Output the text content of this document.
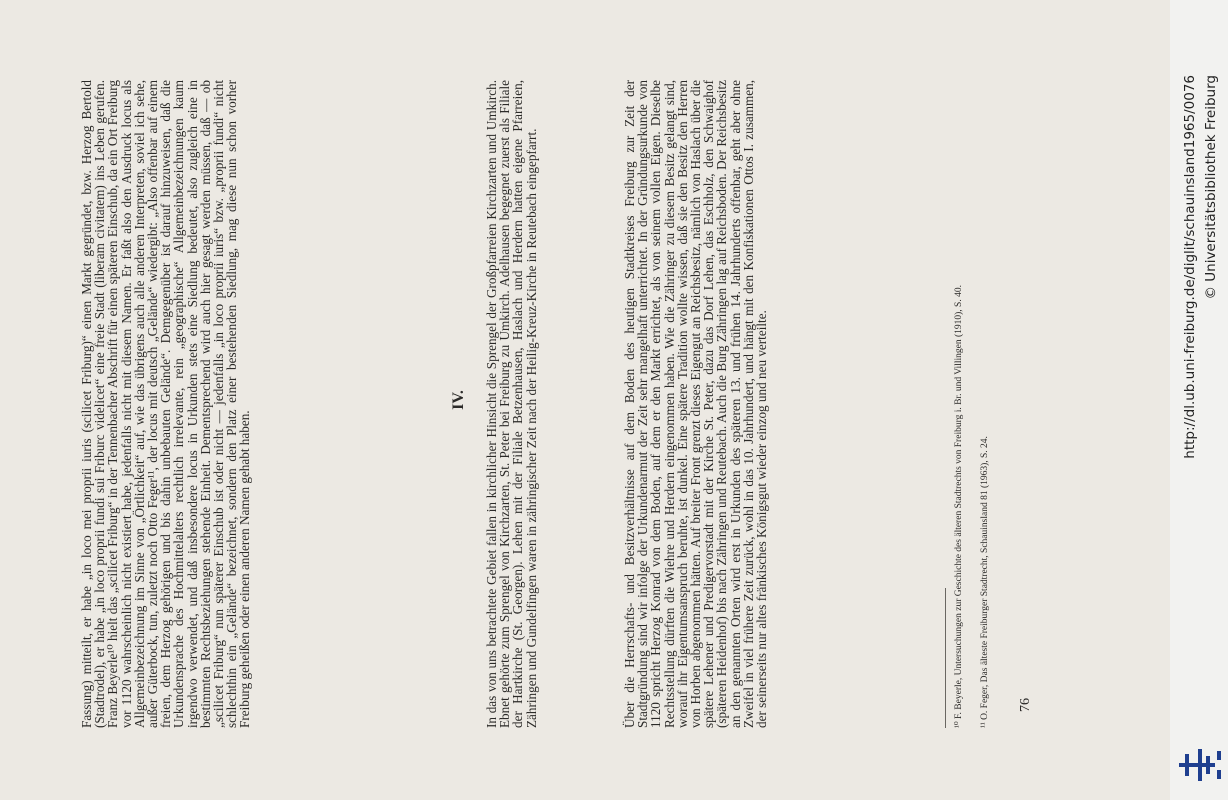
Fassung) mitteilt, er habe „in loco mei proprii iuris (scilicet Friburg)“ einen Markt gegründet, bzw. Herzog Bertold (Stadtrodel), er habe „in loco proprii fundi sui Friburc videlicet“ eine freie Stadt (liberam civitatem) ins Leben gerufen. Franz Beyerle¹⁰ hielt das „scilicet Friburg“ in der Tennenbacher Abschrift für einen späteren Einschub, da ein Ort Freiburg vor 1120 wahrscheinlich nicht existiert habe, jedenfalls nicht mit diesem Namen. Er faßt also den Ausdruck locus als Allgemeinbezeichnung im Sinne von „Örtlichkeit“ auf, wie das übrigens auch alle anderen Interpreten, soviel ich sehe, außer Güterbock, tun, zuletzt noch Otto Feger¹¹, der locus mit deutsch „Gelände“ wiedergibt: „Also offenbar auf einem freien, dem Herzog gehörigen und bis dahin unbebauten Gelände“. Demgegenüber ist darauf hinzuweisen, daß die Urkundensprache des Hochmittelalters rechtlich irrelevante, rein „geographische“ Allgemeinbezeichnungen kaum irgendwo verwendet, und daß insbesondere locus in Urkunden stets eine Siedlung bedeutet, also zugleich eine in bestimmten Rechtsbeziehungen stehende Einheit. Dementsprechend wird auch hier gesagt werden müssen, daß — ob „scilicet Friburg“ nun späterer Einschub ist oder nicht — jedenfalls „in loco proprii iuris“ bzw. „proprii fundi“ nicht schlechthin ein „Gelände“ bezeichnet, sondern den Platz einer bestehenden Siedlung, mag diese nun schon vorher Freiburg geheißen oder einen anderen Namen gehabt haben.

IV. In das von uns betrachtete Gebiet fallen in kirchlicher Hinsicht die Sprengel der Großpfarreien Kirchzarten und Umkirch. Ebnet gehörte zum Sprengel von Kirchzarten, St. Peter bei Freiburg zu Umkirch. Adelhausen begegnet zuerst als Filiale der Hartkirche (St. Georgen). Lehen mit der Filiale Betzenhausen, Haslach und Herdern hatten eigene Pfarreien, Zähringen und Gundelfingen waren in zähringischer Zeit nach der Heilig-Kreuz-Kirche in Reutebach eingepfarrt.	Über die Herrschafts- und Besitzverhältnisse auf dem Boden des heutigen Stadtkreises Freiburg zur Zeit der Stadtgründung sind wir infolge der Urkundenarmut der Zeit sehr mangelhaft unterrichtet. In der Gründungsurkunde von 1120 spricht Herzog Konrad von dem Boden, auf dem er den Markt errichtet, als von seinem vollen Eigen. Dieselbe Rechtsstellung dürften die Wiehre und Herdern eingenommen haben. Wie die Zähringer zu diesem Besitz gelangt sind, worauf ihr Eigentumsanspruch beruhte, ist dunkel. Eine spätere Tradition wollte wissen, daß sie den Besitz den Herren von Horben abgenommen hätten. Auf breiter Front grenzt dieses Eigengut an Reichsbesitz, nämlich von Haslach über die spätere Lehener und Predigervorstadt mit der Kirche St. Peter, dazu das Dorf Lehen, das Eschholz, den Schwaighof (späteren Heidenhof) bis nach Zähringen und Reutebach. Auch die Burg Zähringen lag auf Reichsboden. Der Reichsbesitz an den genannten Orten wird erst in Urkunden des späteren 13. und frühen 14. Jahrhunderts offenbar, geht aber ohne Zweifel in viel frühere Zeit zurück, wohl in das 10. Jahrhundert, und hängt mit den Konfiskationen Ottos I. zusammen, der seinerseits nur altes fränkisches Königsgut wieder einzog und neu verteilte.	¹⁰ F. Beyerle, Untersuchungen zur Geschichte des älteren Stadtrechts von Freiburg i. Br. und Villingen (1910), S. 40. ¹¹ O. Feger, Das älteste Freiburger Stadtrecht, Schauinsland 81 (1963), S. 24. 76
http://dl.ub.uni-freiburg.de/diglit/schauinsland1965/0076 © Universitätsbibliothek Freiburg
